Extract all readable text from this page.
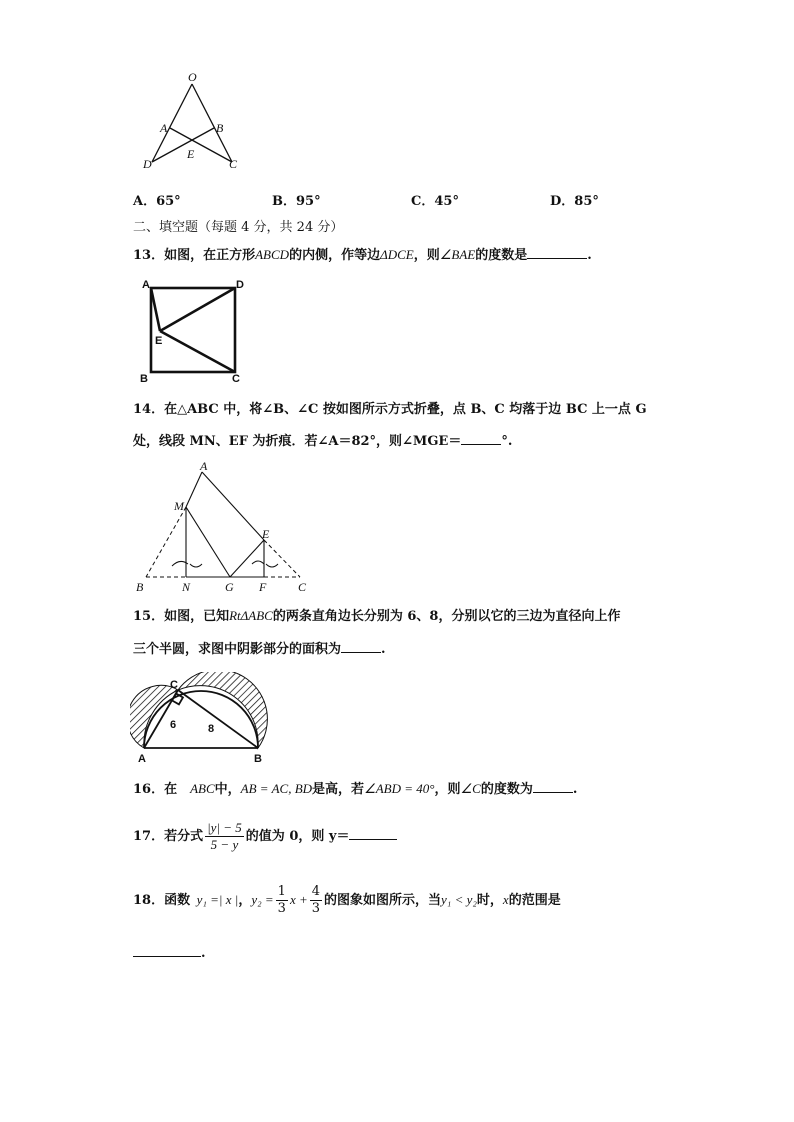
O
A	B
E
D	C
A．65°	B．95°	C．45°	D．85°
二、填空题（每题 4 分，共 24 分）
13．如图，在正方形ABCD的内侧，作等边ΔDCE，则∠BAE的度数是	.
A	D
E
B	C
14．在△ABC 中，将∠B、∠C 按如图所示方式折叠，点 B、C 均落于边 BC 上一点 G
处，线段 MN、EF 为折痕．若∠A＝82°，则∠MGE＝	°.
A
M
E
B	N	G F	C
15．如图，已知RtΔABC的两条直角边长分别为 6、8，分别以它的三边为直径向上作
三个半圆，求图中阴影部分的面积为	.
C
A	B
6	8
16．在  ABC中，AB = AC, BD是高，若∠ABD = 40°，则∠C的度数为	.
17．若分式 $\frac{|y| - 5}{5 - y}$ 的值为 0，则 y＝
18．函数  y₁ =| x |，$y_2 = \frac{1}{3}$ $x + \frac{4}{3}$ 的图象如图所示，当y₁ < y₂时，x的范围是
.
